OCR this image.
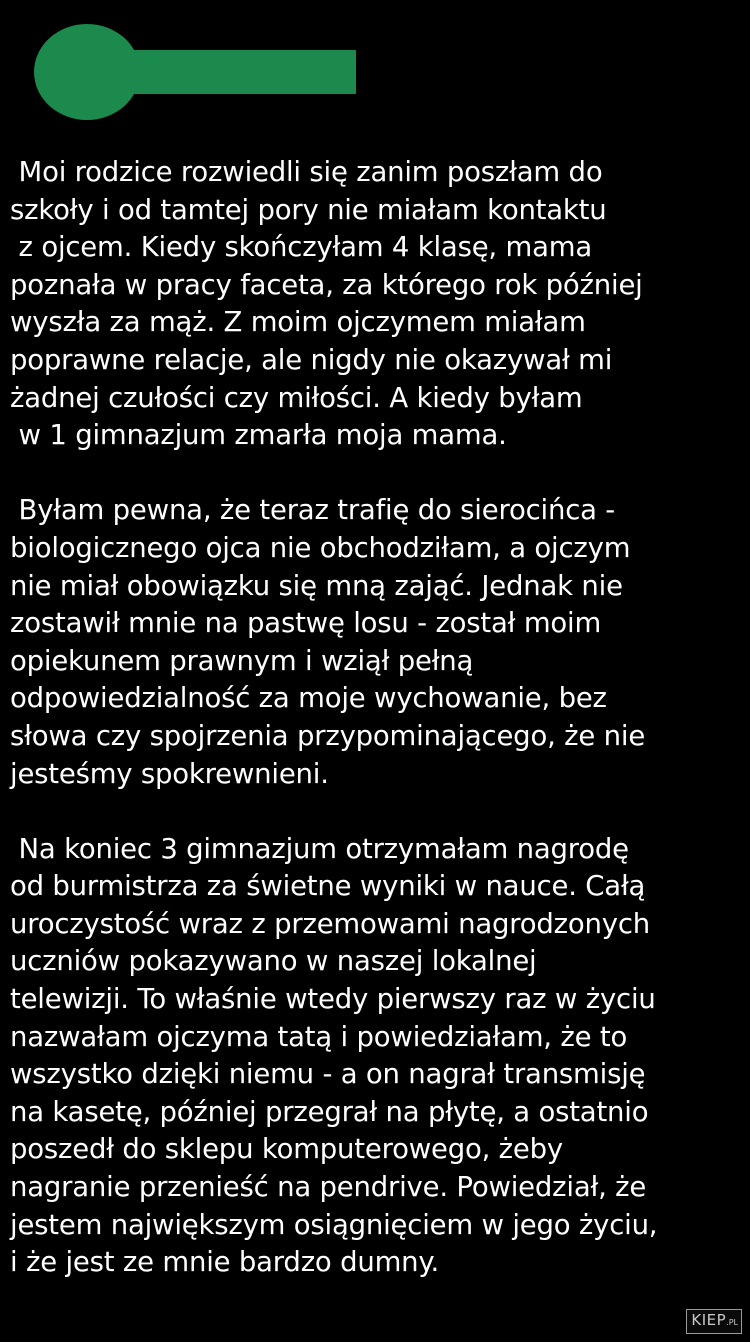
Moi rodzice rozwiedli się zanim poszłam do
szkoły i od tamtej pory nie miałam kontaktu
z ojcem. Kiedy skończyłam 4 klasę, mama
poznała w pracy faceta, za którego rok później
wyszła za mąż. Z moim ojczymem miałam
poprawne relacje, ale nigdy nie okazywał mi
żadnej czułości czy miłości. A kiedy byłam
w 1 gimnazjum zmarła moja mama.

Byłam pewna, że teraz trafię do sierocińca -
biologicznego ojca nie obchodziłam, a ojczym
nie miał obowiązku się mną zająć. Jednak nie
zostawił mnie na pastwę losu - został moim
opiekunem prawnym i wziął pełną
odpowiedzialność za moje wychowanie, bez
słowa czy spojrzenia przypominającego, że nie
jesteśmy spokrewnieni.

Na koniec 3 gimnazjum otrzymałam nagrodę
od burmistrza za świetne wyniki w nauce. Całą
uroczystość wraz z przemowami nagrodzonych
uczniów pokazywano w naszej lokalnej
telewizji. To właśnie wtedy pierwszy raz w życiu
nazwałam ojczyma tatą i powiedziałam, że to
wszystko dzięki niemu - a on nagrał transmisję
na kasetę, później przegrał na płytę, a ostatnio
poszedł do sklepu komputerowego, żeby
nagranie przenieść na pendrive. Powiedział, że
jestem największym osiągnięciem w jego życiu,
i że jest ze mnie bardzo dumny.

KIEP.PL
